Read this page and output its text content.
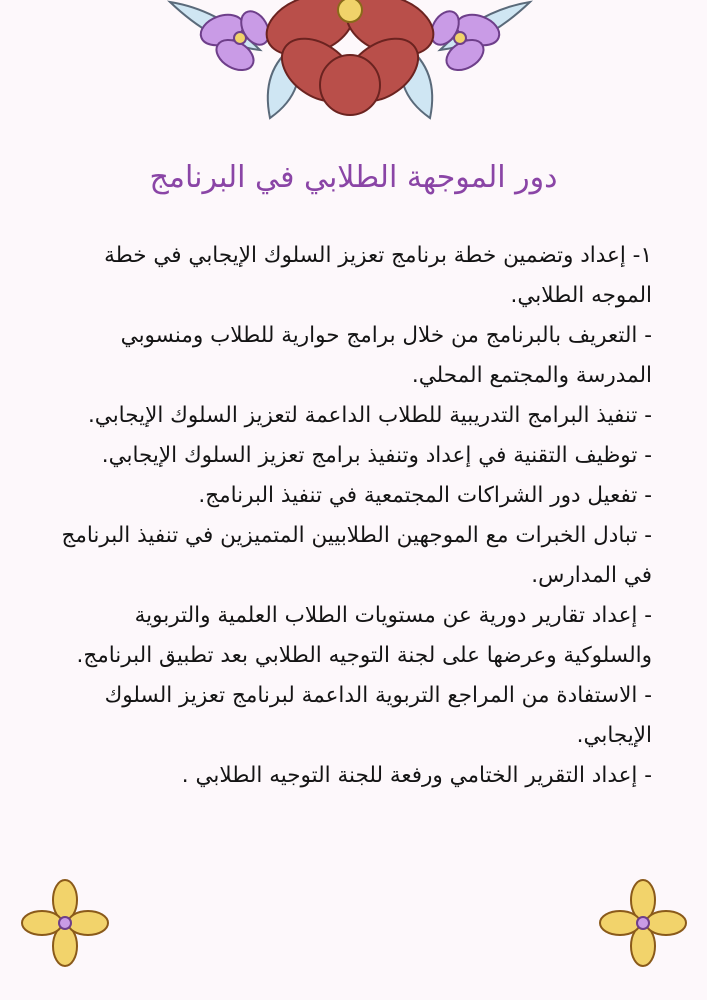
دور الموجهة الطلابي في البرنامج

١- إعداد وتضمين خطة برنامج تعزيز السلوك الإيجابي في خطة الموجه الطلابي.

- التعريف بالبرنامج من خلال برامج حوارية للطلاب ومنسوبي المدرسة والمجتمع المحلي.

- تنفيذ البرامج التدريبية للطلاب الداعمة لتعزيز السلوك الإيجابي.

- توظيف التقنية في إعداد وتنفيذ برامج تعزيز السلوك الإيجابي.

- تفعيل دور الشراكات المجتمعية في تنفيذ البرنامج.

- تبادل الخبرات مع الموجهين الطلابيين المتميزين في تنفيذ البرنامج في المدارس.

- إعداد تقارير دورية عن مستويات الطلاب العلمية والتربوية والسلوكية وعرضها على لجنة التوجيه الطلابي بعد تطبيق البرنامج.

- الاستفادة من المراجع التربوية الداعمة لبرنامج تعزيز السلوك الإيجابي.

- إعداد التقرير الختامي ورفعة للجنة التوجيه الطلابي .
